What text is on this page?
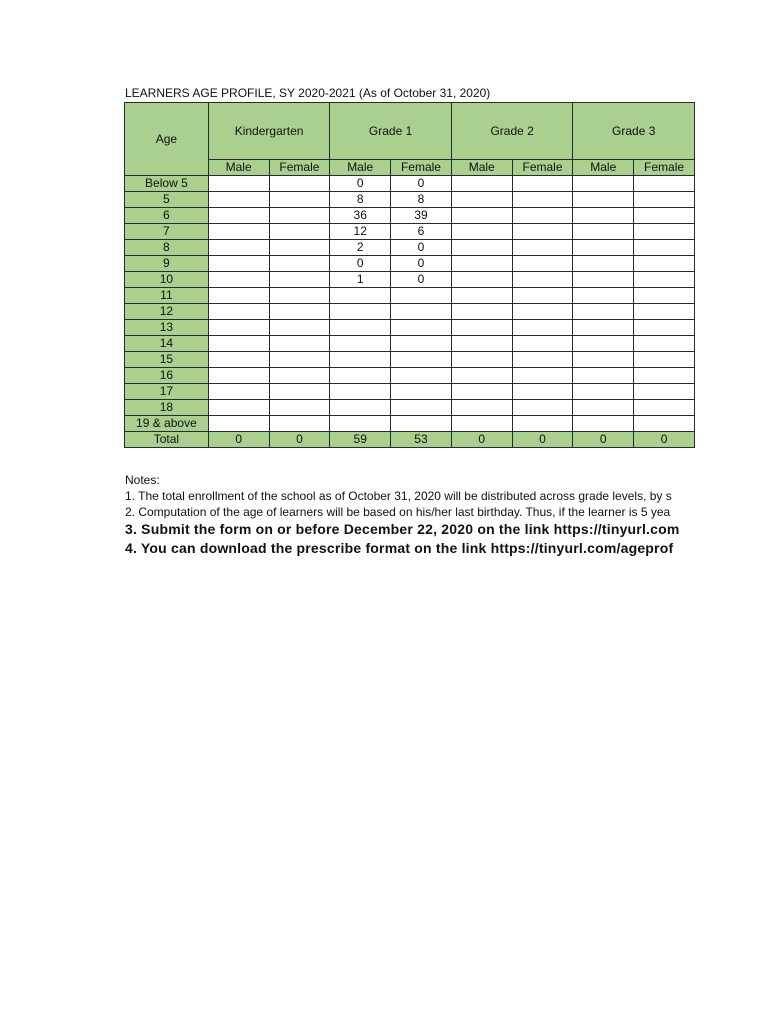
LEARNERS AGE PROFILE, SY 2020-2021 (As of October 31, 2020)
Age	Kindergarten		Grade 1		Grade 2		Grade 3	
	Male	Female	Male	Female	Male	Female	Male	Female
Below 5			0	0				
5			8	8				
6			36	39				
7			12	6				
8			2	0				
9			0	0				
10			1	0				
11								
12								
13								
14								
15								
16								
17								
18								
19 & above								
Total	0	0	59	53	0	0	0	0
Notes:
1. The total enrollment of the school as of October 31, 2020 will be distributed across grade levels, by s
2. Computation of the age of learners will be based on his/her last birthday. Thus, if the learner is 5 yea
3. Submit the form on or before December 22, 2020 on the link https://tinyurl.com
4. You can download the prescribe format on the link https://tinyurl.com/ageprof
